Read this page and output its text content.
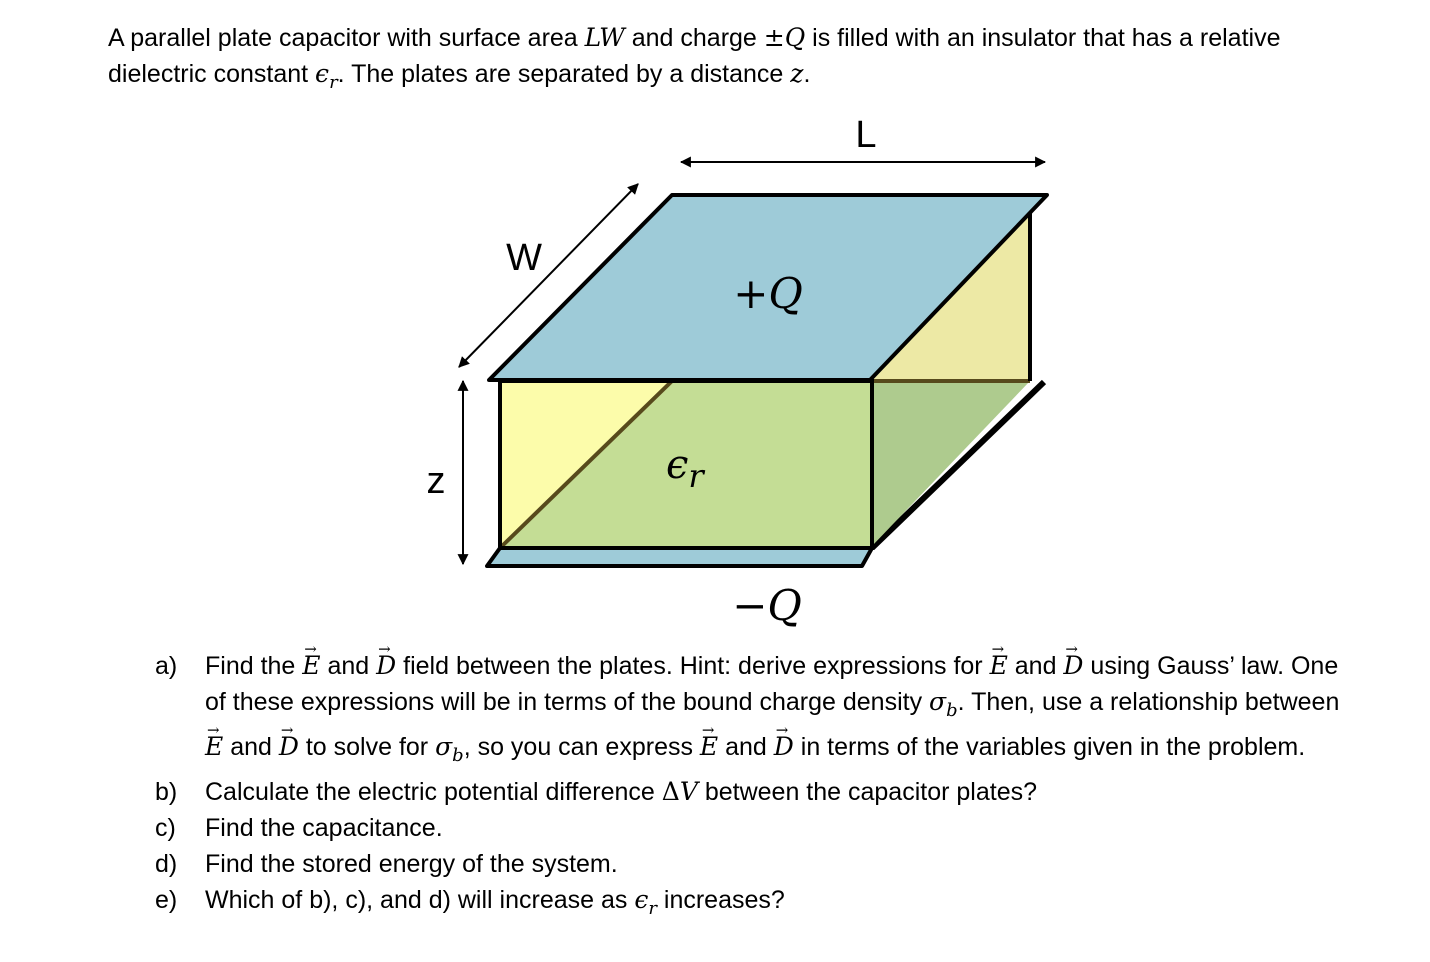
A parallel plate capacitor with surface area LW and charge ±Q is filled with an insulator that has a relative dielectric constant $\epsilon_r$. The plates are separated by a distance z.
L
W
z
+Q
−Q
$\epsilon_r$
a)	Find the → E and → D field between the plates. Hint: derive expressions for → E and → D using Gauss’ law. One of these expressions will be in terms of the bound charge density $\sigma_b$. Then, use a relationship between → E and → D to solve for $\sigma_b$, so you can express → E and → D in terms of the variables given in the problem.
b)	Calculate the electric potential difference ΔV between the capacitor plates?
c)	Find the capacitance.
d)	Find the stored energy of the system.
e)	Which of b), c), and d) will increase as $\epsilon_r$ increases?
